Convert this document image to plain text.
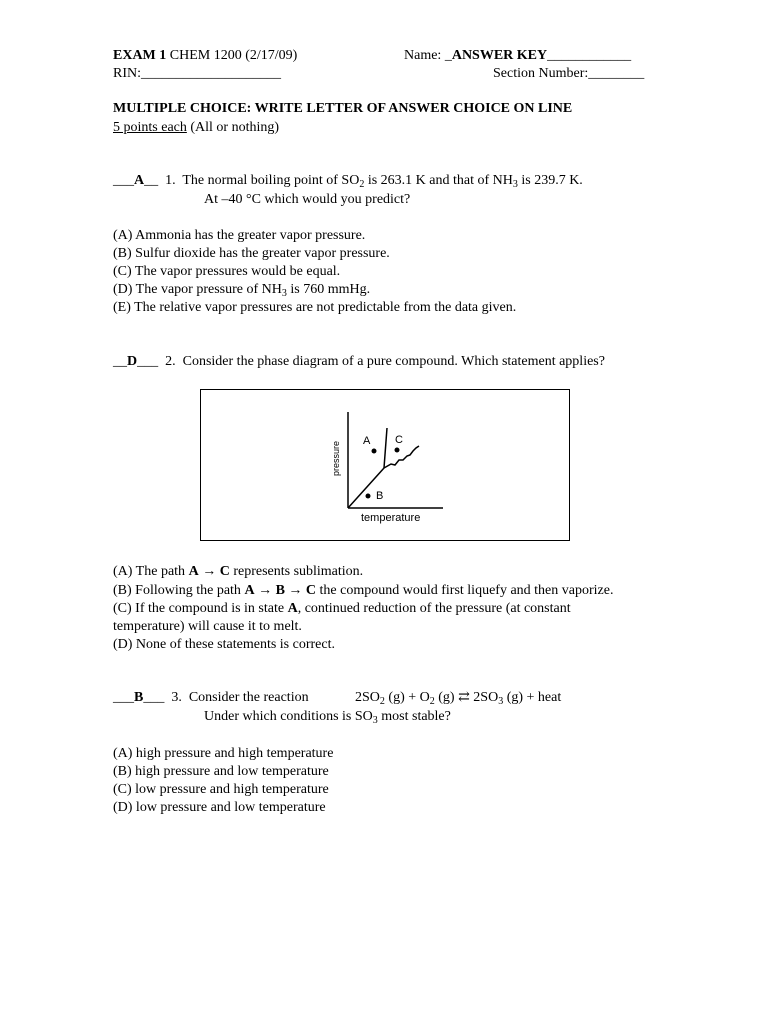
EXAM 1 CHEM 1200 (2/17/09)	Name: _ANSWER KEY____________
RIN:____________________	Section Number:________
MULTIPLE CHOICE: WRITE LETTER OF ANSWER CHOICE ON LINE
5 points each (All or nothing)
___A__ 1. The normal boiling point of $SO_2$ is 263.1 K and that of $NH_3$ is 239.7 K.
At –40 °C which would you predict?
(A) Ammonia has the greater vapor pressure.
(B) Sulfur dioxide has the greater vapor pressure.
(C) The vapor pressures would be equal.
(D) The vapor pressure of $NH_3$ is 760 mmHg.
(E) The relative vapor pressures are not predictable from the data given.
__D___ 2. Consider the phase diagram of a pure compound. Which statement applies?
A C
B
temperature
pressure
(A) The path A → C represents sublimation.
(B) Following the path A → B → C the compound would first liquefy and then vaporize.
(C) If the compound is in state A, continued reduction of the pressure (at constant
temperature) will cause it to melt.
(D) None of these statements is correct.
___B___ 3. Consider the reaction	$2SO_2$ $(g) + O_2$ (g) ⇄ $2SO_3$ (g) + heat
Under which conditions is $SO_3$ most stable?
(A) high pressure and high temperature
(B) high pressure and low temperature
(C) low pressure and high temperature
(D) low pressure and low temperature
